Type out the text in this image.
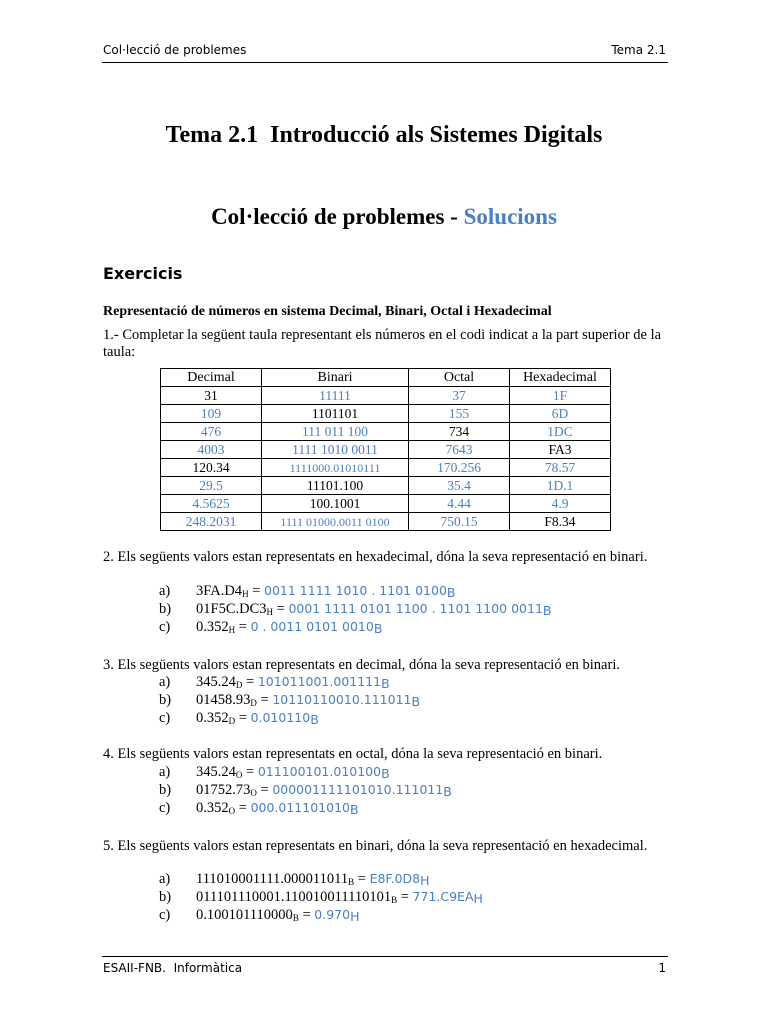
Col·lecció de problemes	Tema 2.1
Tema 2.1  Introducció als Sistemes Digitals
Col·lecció de problemes - Solucions
Exercicis
Representació de números en sistema Decimal, Binari, Octal i Hexadecimal
1.- Completar la següent taula representant els números en el codi indicat a la part superior de la taula:
Decimal	Binari	Octal	Hexadecimal
31	11111	37	1F
109	1101101	155	6D
476	111 011 100	734	1DC
4003	1111 1010 0011	7643	FA3
120.34	1111000.01010111	170.256	78.57
29.5	11101.100	35.4	1D.1
4.5625	100.1001	4.44	4.9
248.2031	1111 01000.0011 0100	750.15	F8.34
2. Els següents valors estan representats en hexadecimal, dóna la seva representació en binari.
a) $3FA.D4_H = 0011$ 1111 1010 . 1101 $0100_B$
b) $01F5C.DC3_H = 0001$ 1111 0101 1100 . 1101 1100 $0011_B$
c) $0.352_H = 0$ . 0011 0101 $0010_B$
3. Els següents valors estan representats en decimal, dóna la seva representació en binari.
a) $345.24_D = 101011001.001111_B$
b) $01458.93_D = 10110110010.111011_B$
c) $0.352_D = 0.010110_B$
4. Els següents valors estan representats en octal, dóna la seva representació en binari.
a) $345.24_O = 011100101.010100_B$
b) $01752.73_O = 000001111101010.111011_B$
c) $0.352_O = 000.011101010_B$
5. Els següents valors estan representats en binari, dóna la seva representació en hexadecimal.
a) $111010001111.000011011_B = E8F.0D8_H$
b) $011101110001.110010011110101_B = 771.C9EA_H$
c) $0.100101110000_B = 0.970_H$
ESAII-FNB.  Informàtica	1
